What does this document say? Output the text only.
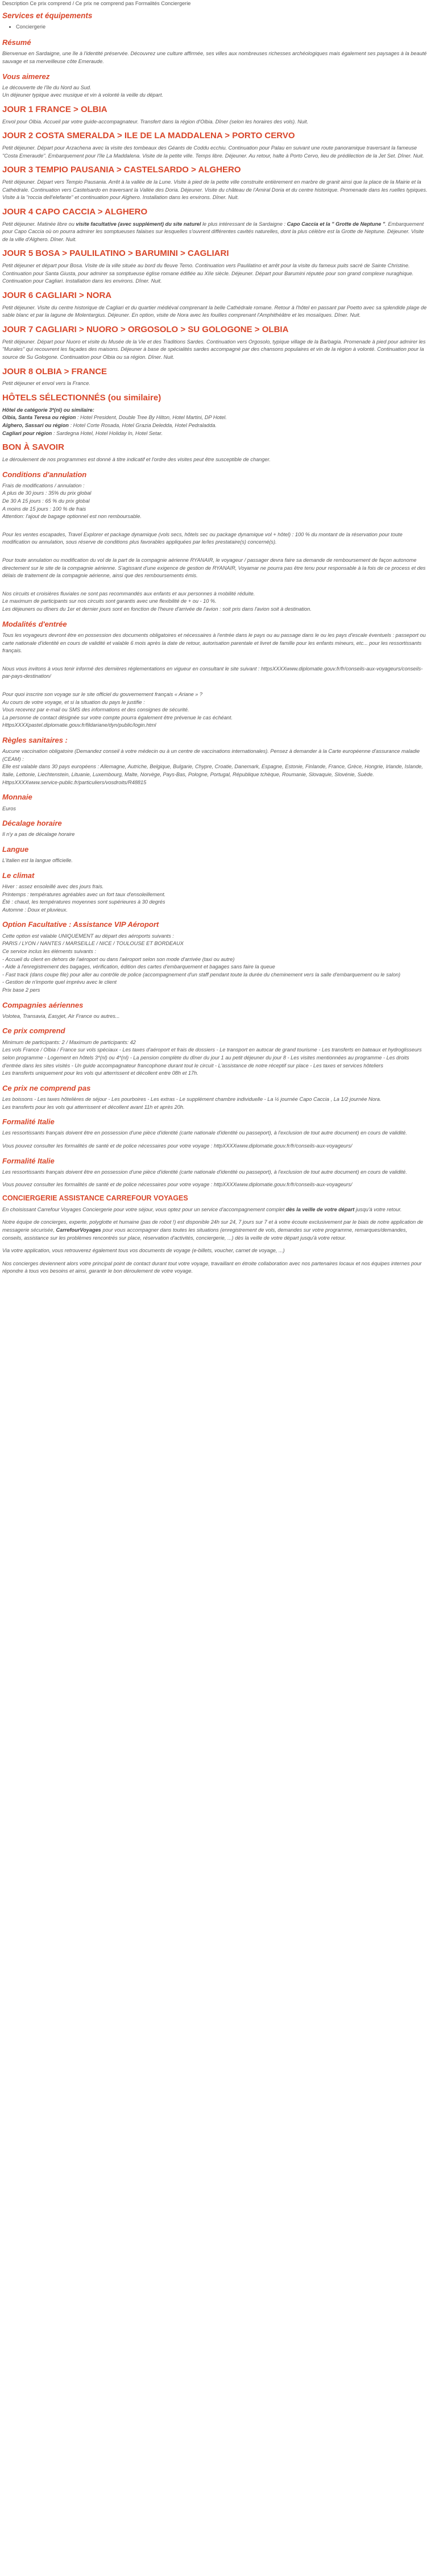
Description Ce prix comprend / Ce prix ne comprend pas Formalités Conciergerie
Services et équipements
• Conciergerie
Résumé

Bienvenue en Sardaigne, une île à l'identité préservée. Découvrez une culture affirmée, ses villes aux nombreuses richesses archéologiques mais également ses paysages à la beauté sauvage et sa merveilleuse côte Emeraude.

Vous aimerez

Le découverte de l'île du Nord au Sud.
Un déjeuner typique avec musique et vin à volonté la veille du départ.

JOUR 1 FRANCE > OLBIA

Envol pour Olbia. Accueil par votre guide-accompagnateur. Transfert dans la région d'Olbia. Dîner (selon les horaires des vols). Nuit.

JOUR 2 COSTA SMERALDA > ILE DE LA MADDALENA > PORTO CERVO

Petit déjeuner. Départ pour Arzachena avec la visite des tombeaux des Géants de Coddu ecchiu. Continuation pour Palau en suivant une route panoramique traversant la fameuse "Costa Emeraude". Embarquement pour l'île La Maddalena. Visite de la petite ville. Temps libre. Déjeuner. Au retour, halte à Porto Cervo, lieu de prédilection de la Jet Set. Dîner. Nuit.

JOUR 3 TEMPIO PAUSANIA > CASTELSARDO > ALGHERO

Petit déjeuner. Départ vers Tempio Pausania. Arrêt à la vallée de la Lune. Visite à pied de la petite ville construite entièrement en marbre de granit ainsi que la place de la Mairie et la Cathédrale. Continuation vers Castelsardo en traversant la Vallée des Doria. Déjeuner. Visite du château de l'Amiral Doria et du centre historique. Promenade dans les ruelles typiques. Visite à la "roccia dell'elefante" et continuation pour Alghero. Installation dans les environs. Dîner. Nuit.

JOUR 4 CAPO CACCIA > ALGHERO

Petit déjeuner. Matinée libre ou visite facultative (avec supplément) du site naturel le plus intéressant de la Sardaigne : Capo Caccia et la " Grotte de Neptune ". Embarquement pour Capo Caccia où on pourra admirer les somptueuses falaises sur lesquelles s'ouvrent différentes cavités naturelles, dont la plus célèbre est la Grotte de Neptune. Déjeuner. Visite de la ville d'Alghero. Dîner. Nuit.

JOUR 5 BOSA > PAULILATINO > BARUMINI > CAGLIARI

Petit déjeuner et départ pour Bosa. Visite de la ville située au bord du fleuve Temo. Continuation vers Paulilatino et arrêt pour la visite du fameux puits sacré de Sainte Christine. Continuation pour Santa Giusta, pour admirer sa somptueuse église romane édifiée au XIIe siècle. Déjeuner. Départ pour Barumini réputée pour son grand complexe nuraghique. Continuation pour Cagliari. Installation dans les environs. Dîner. Nuit.

JOUR 6 CAGLIARI > NORA

Petit déjeuner. Visite du centre historique de Cagliari et du quartier médiéval comprenant la belle Cathédrale romane. Retour à l'hôtel en passant par Poetto avec sa splendide plage de sable blanc et par la lagune de Molentargius. Déjeuner. En option, visite de Nora avec les fouilles comprenant l'Amphithéâtre et les mosaïques. Dîner. Nuit.

JOUR 7 CAGLIARI > NUORO > ORGOSOLO > SU GOLOGONE > OLBIA

Petit déjeuner. Départ pour Nuoro et visite du Musée de la Vie et des Traditions Sardes. Continuation vers Orgosolo, typique village de la Barbagia. Promenade à pied pour admirer les "Murales" qui recouvrent les façades des maisons. Déjeuner à base de spécialités sardes accompagné par des chansons populaires et vin de la région à volonté. Continuation pour la source de Su Gologone. Continuation pour Olbia ou sa région. Dîner. Nuit.

JOUR 8 OLBIA > FRANCE

Petit déjeuner et envol vers la France.

HÔTELS SÉLECTIONNÉS (ou similaire)

Hôtel de catégorie 3*(nl) ou similaire:
Olbia, Santa Teresa ou région : Hotel President, Double Tree By Hilton, Hotel Martini, DP Hotel.
Alghero, Sassari ou région : Hotel Corte Rosada, Hotel Grazia Deledda, Hotel Pedraladda.
Cagliari pour région : Sardegna Hotel, Hotel Holiday In, Hotel Setar.

BON À SAVOIR

Le déroulement de nos programmes est donné à titre indicatif et l'ordre des visites peut être susceptible de changer.

Conditions d'annulation

Frais de modifications / annulation :
A plus de 30 jours : 35% du prix global
De 30 A 15 jours : 65 % du prix global
A moins de 15 jours : 100 % de frais
Attention: l'ajout de bagage optionnel est non remboursable.

Pour les ventes escapades, Travel Explorer et package dynamique (vols secs, hôtels sec ou package dynamique vol + hôtel) : 100 % du montant de la réservation pour toute modification ou annulation, sous réserve de conditions plus favorables appliquées par le/les prestataire(s) concerné(s).

Pour toute annulation ou modification du vol de la part de la compagnie aérienne RYANAIR, le voyageur / passager devra faire sa demande de remboursement de façon autonome directement sur le site de la compagnie aérienne. S'agissant d'une exigence de gestion de RYANAIR, Voyamar ne pourra pas être tenu pour responsable à la fois de ce process et des délais de traitement de la compagnie aérienne, ainsi que des remboursements émis.

Nos circuits et croisières fluviales ne sont pas recommandés aux enfants et aux personnes à mobilité réduite.
Le maximum de participants sur nos circuits sont garantis avec une flexibilité de + ou - 10 %.
Les déjeuners ou dîners du 1er et dernier jours sont en fonction de l'heure d'arrivée de l'avion : soit pris dans l'avion soit à destination.

Modalités d'entrée

Tous les voyageurs devront être en possession des documents obligatoires et nécessaires à l'entrée dans le pays ou au passage dans le ou les pays d'escale éventuels : passeport ou carte nationale d'identité en cours de validité et valable 6 mois après la date de retour, autorisation parentale et livret de famille pour les enfants mineurs, etc... pour les ressortissants français.

Nous vous invitons à vous tenir informé des dernières réglementations en vigueur en consultant le site suivant : httpsXXXXwww.diplomatie.gouv.fr/fr/conseils-aux-voyageurs/conseils-par-pays-destination/

Pour quoi inscrire son voyage sur le site officiel du gouvernement français « Ariane » ?
Au cours de votre voyage, et si la situation du pays le justifie :
Vous recevrez par e-mail ou SMS des informations et des consignes de sécurité.
La personne de contact désignée sur votre compte pourra également être prévenue le cas échéant.
HttpsXXXXpastel.diplomatie.gouv.fr/fildariane/dyn/public/login.html

Règles sanitaires :

Aucune vaccination obligatoire (Demandez conseil à votre médecin ou à un centre de vaccinations internationales). Pensez à demander à la Carte européenne d'assurance maladie (CEAM) :
Elle est valable dans 30 pays européens : Allemagne, Autriche, Belgique, Bulgarie, Chypre, Croatie, Danemark, Espagne, Estonie, Finlande, France, Grèce, Hongrie, Irlande, Islande, Italie, Lettonie, Liechtenstein, Lituanie, Luxembourg, Malte, Norvège, Pays-Bas, Pologne, Portugal, République tchèque, Roumanie, Slovaquie, Slovénie, Suède.
HttpsXXXXwww.service-public.fr/particuliers/vosdroits/R48815

Monnaie

Euros

Décalage horaire

Il n'y a pas de décalage horaire

Langue

L'italien est la langue officielle.

Le climat

Hiver : assez ensoleillé avec des jours frais.
Printemps : températures agréables avec un fort taux d'ensoleillement.
Été : chaud, les températures moyennes sont supérieures à 30 degrés
Automne : Doux et pluvieux.

Option Facultative : Assistance VIP Aéroport

Cette option est valable UNIQUEMENT au départ des aéroports suivants :
PARIS / LYON / NANTES / MARSEILLE / NICE / TOULOUSE ET BORDEAUX
Ce service inclus les éléments suivants :
- Accueil du client en dehors de l'aéroport ou dans l'aéroport selon son mode d'arrivée (taxi ou autre)
- Aide à l'enregistrement des bagages, vérification, édition des cartes d'embarquement et bagages sans faire la queue
- Fast track (dans coupe file) pour aller au contrôle de police (accompagnement d'un staff pendant toute la durée du cheminement vers la salle d'embarquement ou le salon)
- Gestion de n'importe quel imprévu avec le client
Prix base 2 pers

Compagnies aériennes

Volotea, Transavia, Easyjet, Air France ou autres...

Ce prix comprend

Minimum de participants: 2 / Maximum de participants: 42
Les vols France / Olbia / France sur vols spéciaux - Les taxes d'aéroport et frais de dossiers - Le transport en autocar de grand tourisme - Les transferts en bateaux et hydroglisseurs selon programme - Logement en hôtels 3*(nl) ou 4*(nl) - La pension complète du dîner du jour 1 au petit déjeuner du jour 8 - Les visites mentionnées au programme - Les droits d'entrée dans les sites visités - Un guide accompagnateur francophone durant tout le circuit - L'assistance de notre réceptif sur place - Les taxes et services hôteliers
Les transferts uniquement pour les vols qui atterrissent et décollent entre 08h et 17h.

Ce prix ne comprend pas

Les boissons - Les taxes hôtelières de séjour - Les pourboires - Les extras - Le supplément chambre individuelle - La ½ journée Capo Caccia , La 1/2 journée Nora.
Les transferts pour les vols qui atterrissent et décollent avant 11h et après 20h.

Formalité Italie

Les ressortissants français doivent être en possession d'une pièce d'identité (carte nationale d'identité ou passeport), à l'exclusion de tout autre document) en cours de validité.

Vous pouvez consulter les formalités de santé et de police nécessaires pour votre voyage : httpXXXXwww.diplomatie.gouv.fr/fr/conseils-aux-voyageurs/

Formalité Italie

Les ressortissants français doivent être en possession d'une pièce d'identité (carte nationale d'identité ou passeport), à l'exclusion de tout autre document) en cours de validité.

Vous pouvez consulter les formalités de santé et de police nécessaires pour votre voyage : httpXXXXwww.diplomatie.gouv.fr/fr/conseils-aux-voyageurs/

CONCIERGERIE ASSISTANCE CARREFOUR VOYAGES

En choisissant Carrefour Voyages Conciergerie pour votre séjour, vous optez pour un service d'accompagnement complet dès la veille de votre départ jusqu'à votre retour.

Notre équipe de concierges, experte, polyglotte et humaine (pas de robot !) est disponible 24h sur 24, 7 jours sur 7 et à votre écoute exclusivement par le biais de notre application de messagerie sécurisée, CarrefourVoyages pour vous accompagner dans toutes les situations (enregistrement de vols, demandes sur votre programme, remarques/demandes, conseils, assistance sur les problèmes rencontrés sur place, réservation d'activités, conciergerie, ...) dès la veille de votre départ jusqu'à votre retour.

Via votre application, vous retrouverez également tous vos documents de voyage (e-billets, voucher, carnet de voyage, ...)

Nos concierges deviennent alors votre principal point de contact durant tout votre voyage, travaillant en étroite collaboration avec nos partenaires locaux et nos équipes internes pour répondre à tous vos besoins et ainsi, garantir le bon déroulement de votre voyage.
